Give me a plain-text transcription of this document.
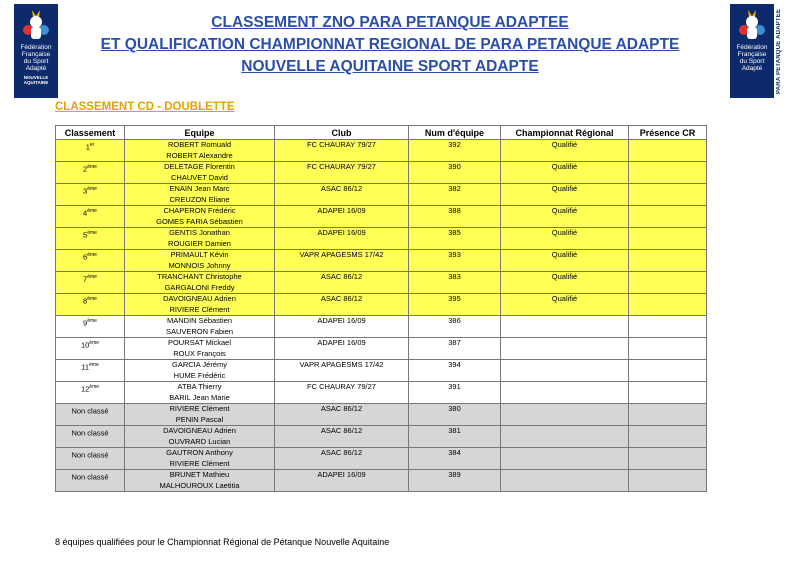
Fédération
Française
du Sport
Adapté
NOUVELLE
AQUITAINE
Fédération
Française
du Sport
Adapté	PARA PETANQUE ADAPTEE
CLASSEMENT ZNO PARA PETANQUE ADAPTEE
ET QUALIFICATION CHAMPIONNAT REGIONAL DE PARA PETANQUE ADAPTE
NOUVELLE AQUITAINE SPORT ADAPTE
CLASSEMENT CD - DOUBLETTE
Classement	Equipe	Club	Num d'équipe	Championnat Régional	Présence CR
1er	ROBERT Romuald
ROBERT Alexandre	FC CHAURAY 79/27	392	Qualifié	
2ème	DELETAGE Florentin
CHAUVET David	FC CHAURAY 79/27	390	Qualifié	
3ème	ENAIN Jean Marc
CREUZON Eliane	ASAC 86/12	382	Qualifié	
4ème	CHAPERON Frédéric
GOMES FARIA Sébastien	ADAPEI 16/09	388	Qualifié	
5ème	GENTIS Jonathan
ROUGIER Damien	ADAPEI 16/09	385	Qualifié	
6ème	PRIMAULT Kévin
MONNOIS Johnny	VAPR APAGESMS 17/42	393	Qualifié	
7ème	TRANCHANT Christophe
GARGALONI Freddy	ASAC 86/12	383	Qualifié	
8ème	DAVOIGNEAU Adrien
RIVIERE Clément	ASAC 86/12	395	Qualifié	
9ème	MANDIN Sébastien
SAUVERON Fabien	ADAPEI 16/09	386		
10ème	POURSAT Mickael
ROUX François	ADAPEI 16/09	387		
11ème	GARCIA Jérémy
HUME Frédéric	VAPR APAGESMS 17/42	394		
12ème	ATBA Thierry
BARIL Jean Marie	FC CHAURAY 79/27	391		
Non classé	RIVIERE Clément
PENIN Pascal	ASAC 86/12	380		
Non classé	DAVOIGNEAU Adrien
OUVRARD Lucian	ASAC 86/12	381		
Non classé	GAUTRON Anthony
RIVIERE Clément	ASAC 86/12	384		
Non classé	BRUNET Mathieu
MALHOUROUX Laetitia	ADAPEI 16/09	389		
8 équipes qualifiées pour le Championnat Régional de Pétanque Nouvelle Aquitaine
